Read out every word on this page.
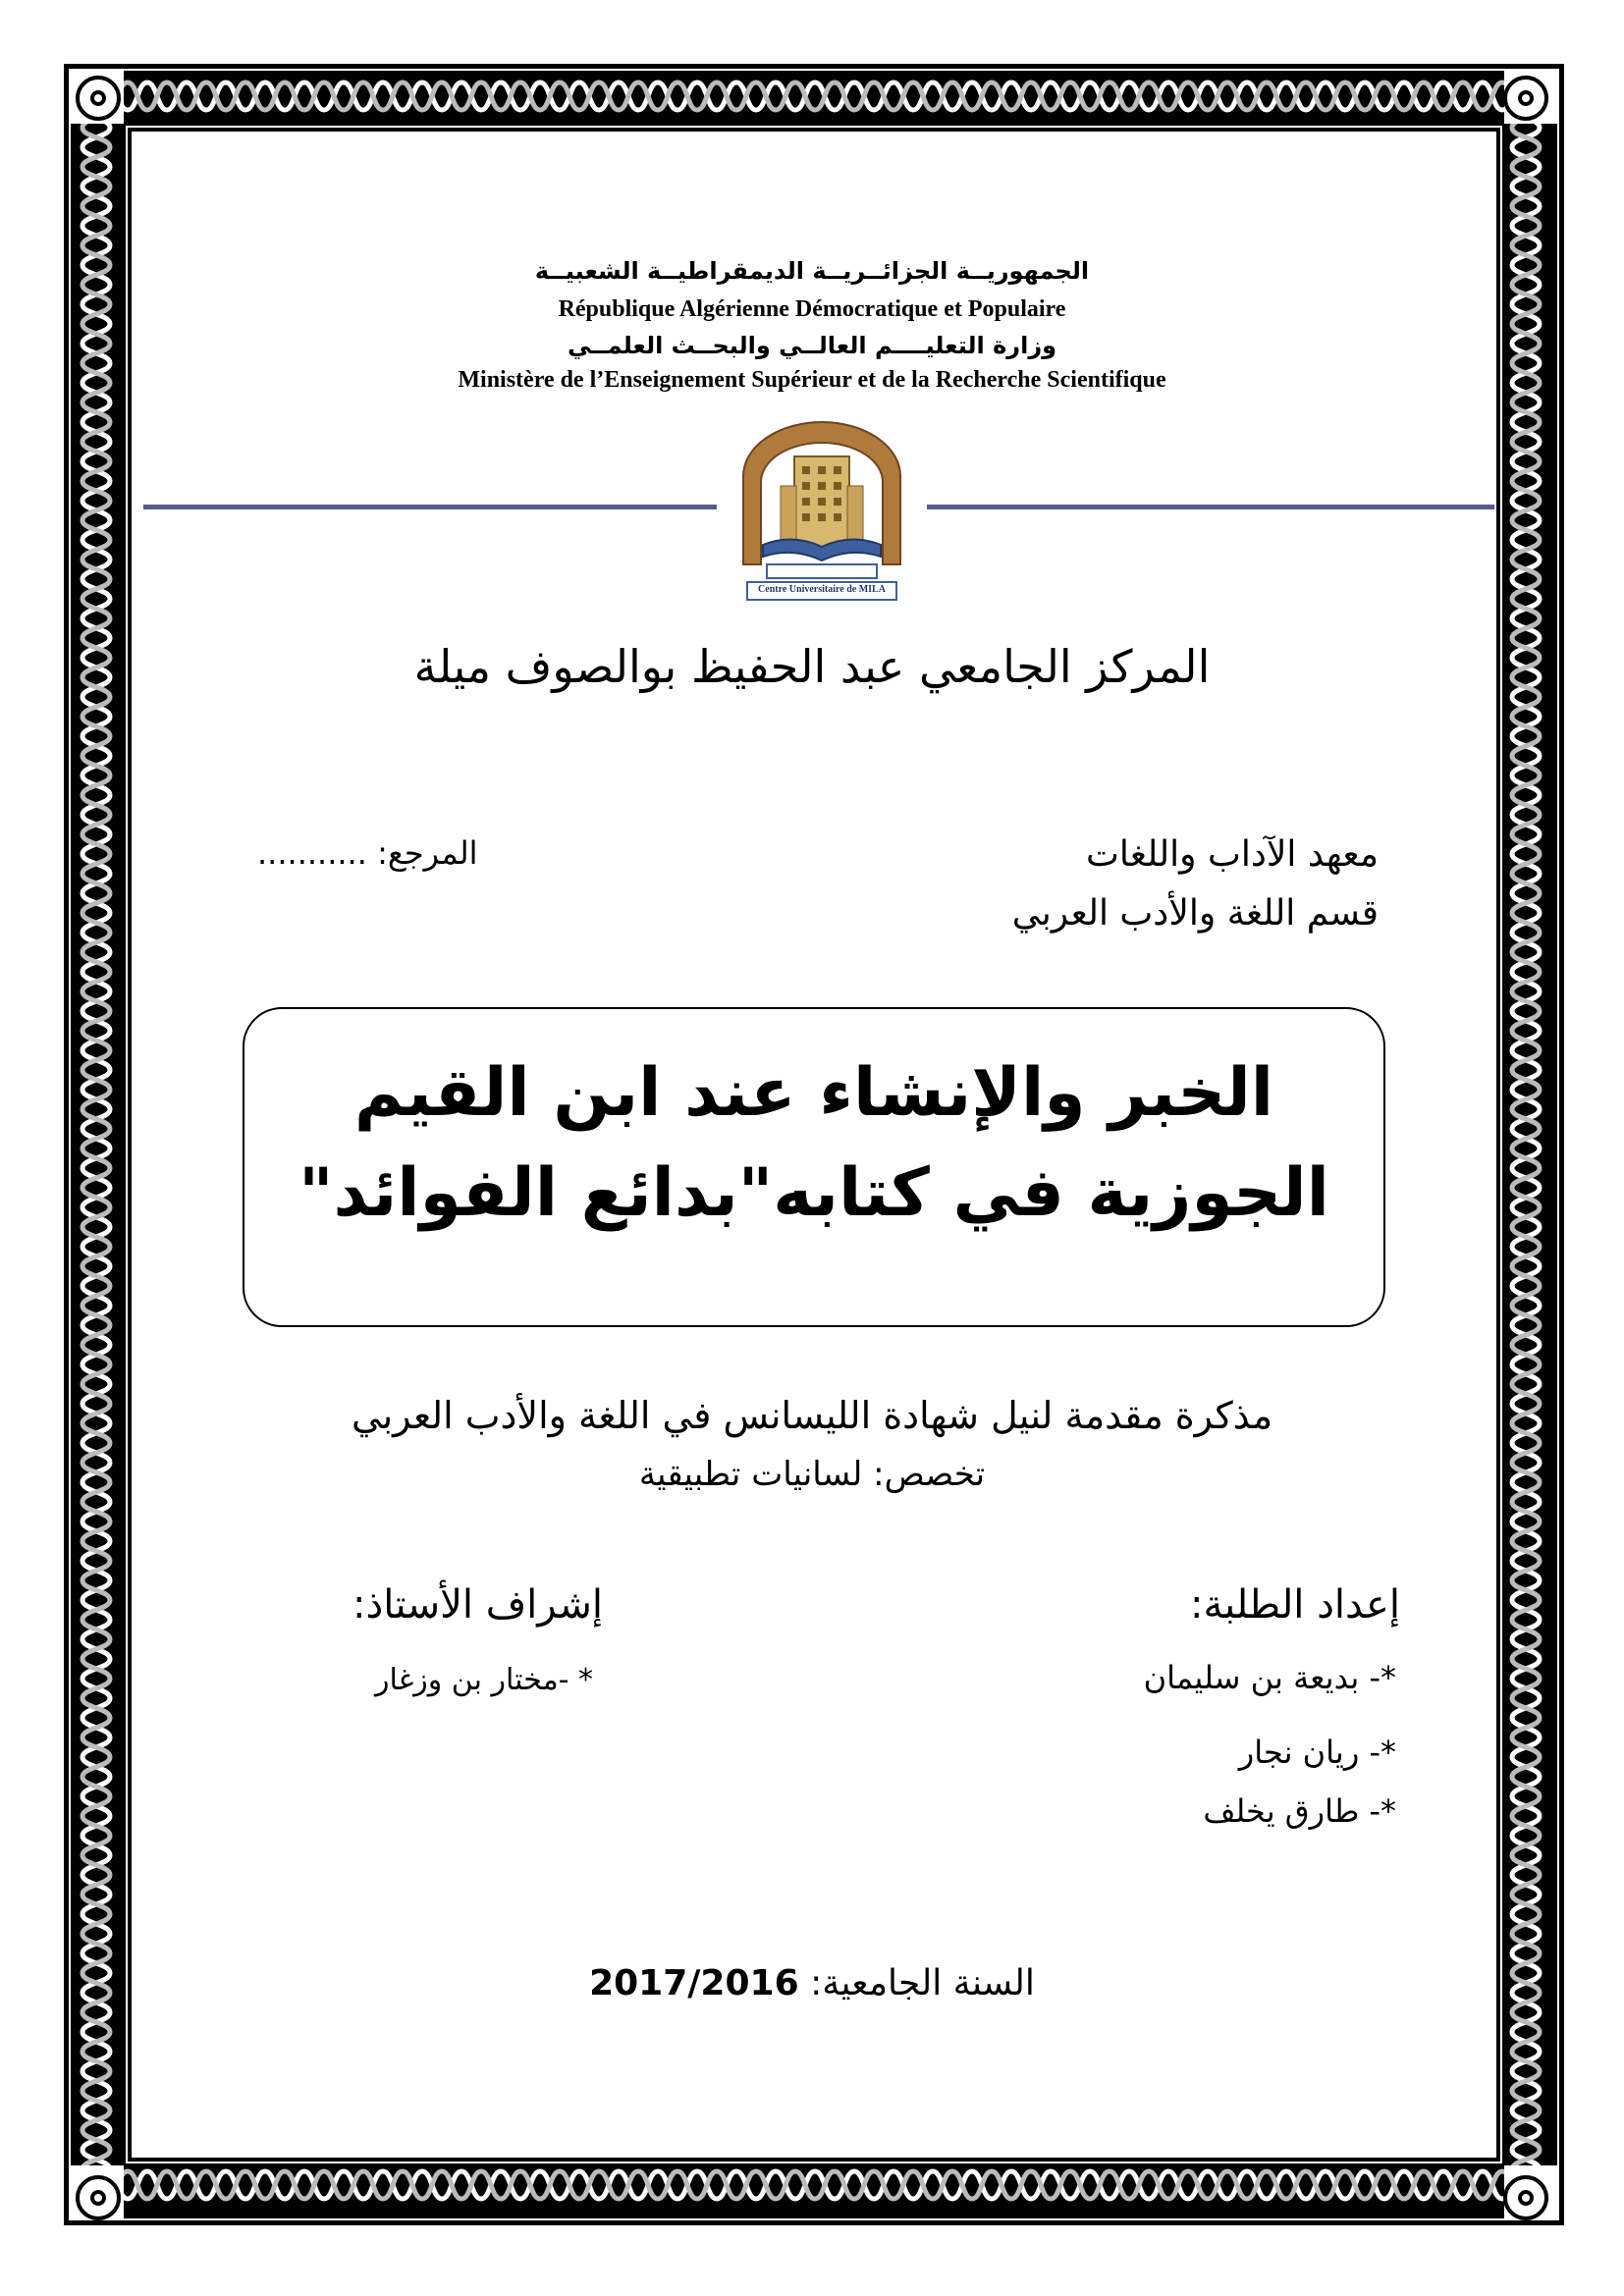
الجمهوريــة الجزائــريــة الديمقراطيــة الشعبيــة
République Algérienne Démocratique et Populaire
وزارة التعليــــم العالــي والبحــث العلمــي
Ministère de l’Enseignement Supérieur et de la Recherche Scientifique
Centre Universitaire de MILA
المركز الجامعي عبد الحفيظ بوالصوف ميلة
معهد الآداب واللغات
قسم اللغة والأدب العربي
المرجع: ...........
الخبر والإنشاء عند ابن القيم
الجوزية في كتابه"بدائع الفوائد"
مذكرة مقدمة لنيل شهادة الليسانس في اللغة والأدب العربي
تخصص: لسانيات تطبيقية
إعداد الطلبة:
*- بديعة بن سليمان
*- ريان نجار
*- طارق يخلف
إشراف الأستاذ:
* -مختار بن وزغار
السنة الجامعية: 2017/2016
